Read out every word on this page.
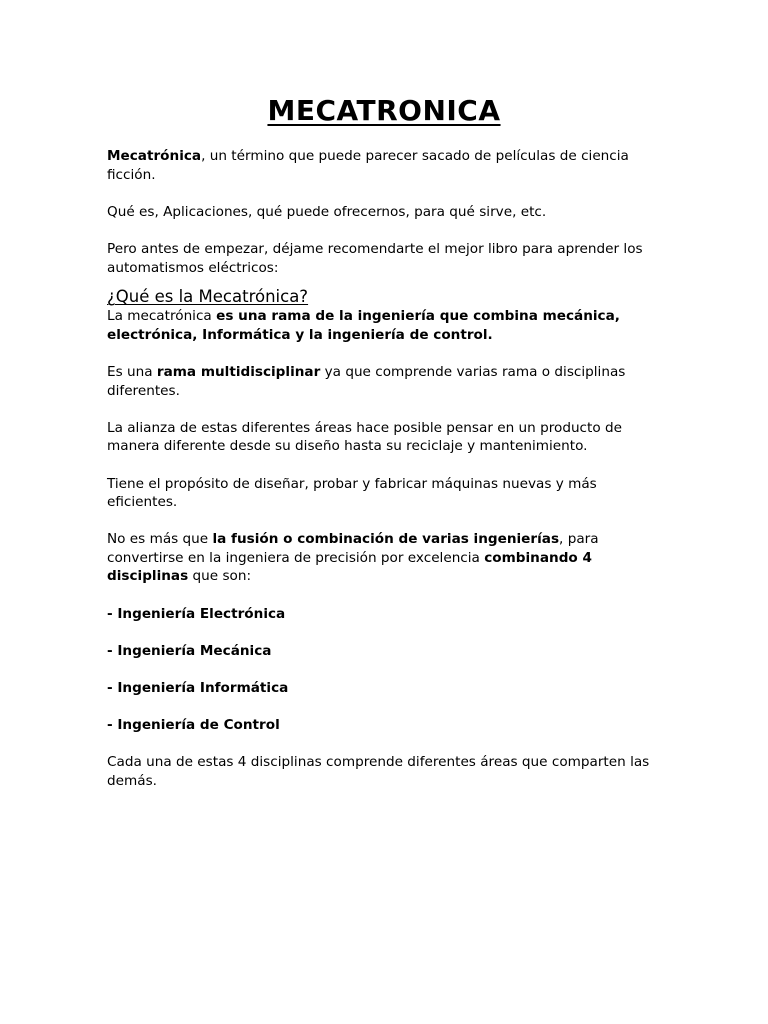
MECATRONICA

Mecatrónica, un término que puede parecer sacado de películas de ciencia ficción.

Qué es, Aplicaciones, qué puede ofrecernos, para qué sirve, etc.

Pero antes de empezar, déjame recomendarte el mejor libro para aprender los automatismos eléctricos:

¿Qué es la Mecatrónica?

La mecatrónica es una rama de la ingeniería que combina mecánica, electrónica, Informática y la ingeniería de control.

Es una rama multidisciplinar ya que comprende varias rama o disciplinas diferentes.

La alianza de estas diferentes áreas hace posible pensar en un producto de manera diferente desde su diseño hasta su reciclaje y mantenimiento.

Tiene el propósito de diseñar, probar y fabricar máquinas nuevas y más eficientes.

No es más que la fusión o combinación de varias ingenierías, para convertirse en la ingeniera de precisión por excelencia combinando 4 disciplinas que son:

- Ingeniería Electrónica
- Ingeniería Mecánica
- Ingeniería Informática
- Ingeniería de Control

Cada una de estas 4 disciplinas comprende diferentes áreas que comparten las demás.
